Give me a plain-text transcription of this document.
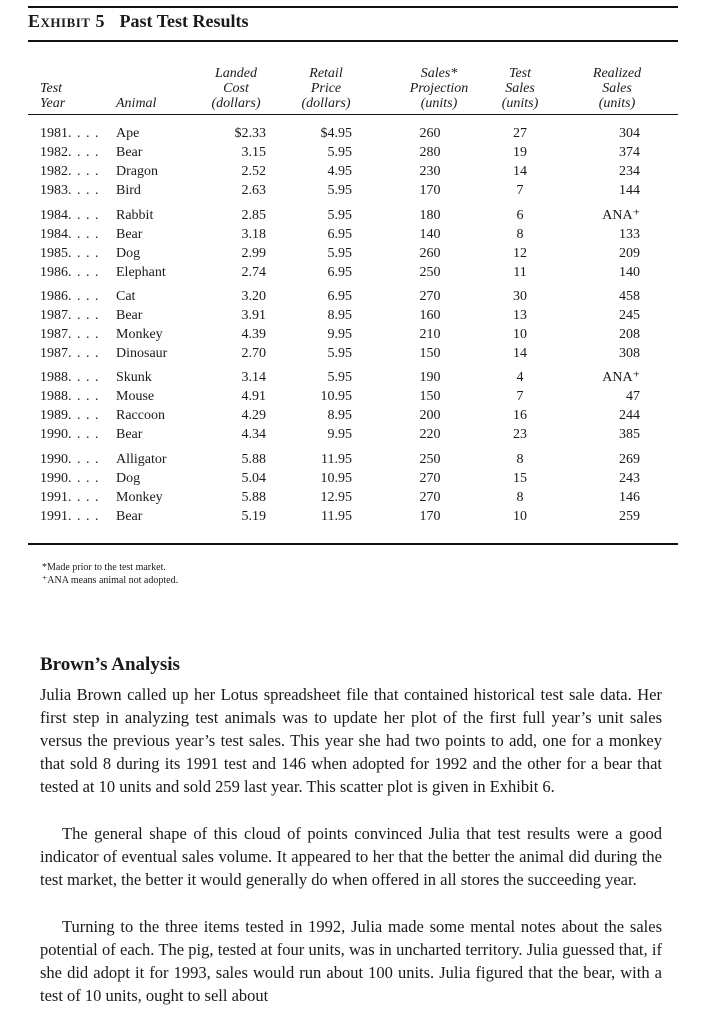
Exhibit 5 Past Test Results
Test
Year	Animal
Landed
Cost
(dollars)
Retail
Price
(dollars)
Sales*
Projection
(units)
Test
Sales
(units)
Realized
Sales
(units)
1981. . . . Ape	$2.33	$4.95	260	27	304
1982. . . . Bear	3.15	5.95	280	19	374
1982. . . . Dragon	2.52	4.95	230	14	234
1983. . . . Bird	2.63	5.95	170	7	144
1984. . . . Rabbit	2.85	5.95	180	6	ANA⁺
1984. . . . Bear	3.18	6.95	140	8	133
1985. . . . Dog	2.99	5.95	260	12	209
1986. . . . Elephant	2.74	6.95	250	11	140
1986. . . . Cat	3.20	6.95	270	30	458
1987. . . . Bear	3.91	8.95	160	13	245
1987. . . . Monkey	4.39	9.95	210	10	208
1987. . . . Dinosaur	2.70	5.95	150	14	308
1988. . . . Skunk	3.14	5.95	190	4	ANA⁺
1988. . . . Mouse	4.91	10.95	150	7	47
1989. . . . Raccoon	4.29	8.95	200	16	244
1990. . . . Bear	4.34	9.95	220	23	385
1990. . . . Alligator	5.88	11.95	250	8	269
1990. . . . Dog	5.04	10.95	270	15	243
1991. . . . Monkey	5.88	12.95	270	8	146
1991. . . . Bear	5.19	11.95	170	10	259
*Made prior to the test market.
⁺ANA means animal not adopted.
Brown’s Analysis

Julia Brown called up her Lotus spreadsheet file that contained historical test sale data. Her first step in analyzing test animals was to update her plot of the first full year’s unit sales versus the previous year’s test sales. This year she had two points to add, one for a monkey that sold 8 during its 1991 test and 146 when adopted for 1992 and the other for a bear that tested at 10 units and sold 259 last year. This scatter plot is given in Exhibit 6.

The general shape of this cloud of points convinced Julia that test results were a good indicator of eventual sales volume. It appeared to her that the better the animal did during the test market, the better it would generally do when offered in all stores the succeeding year.

Turning to the three items tested in 1992, Julia made some mental notes about the sales potential of each. The pig, tested at four units, was in uncharted territory. Julia guessed that, if she did adopt it for 1993, sales would run about 100 units. Julia figured that the bear, with a test of 10 units, ought to sell about
